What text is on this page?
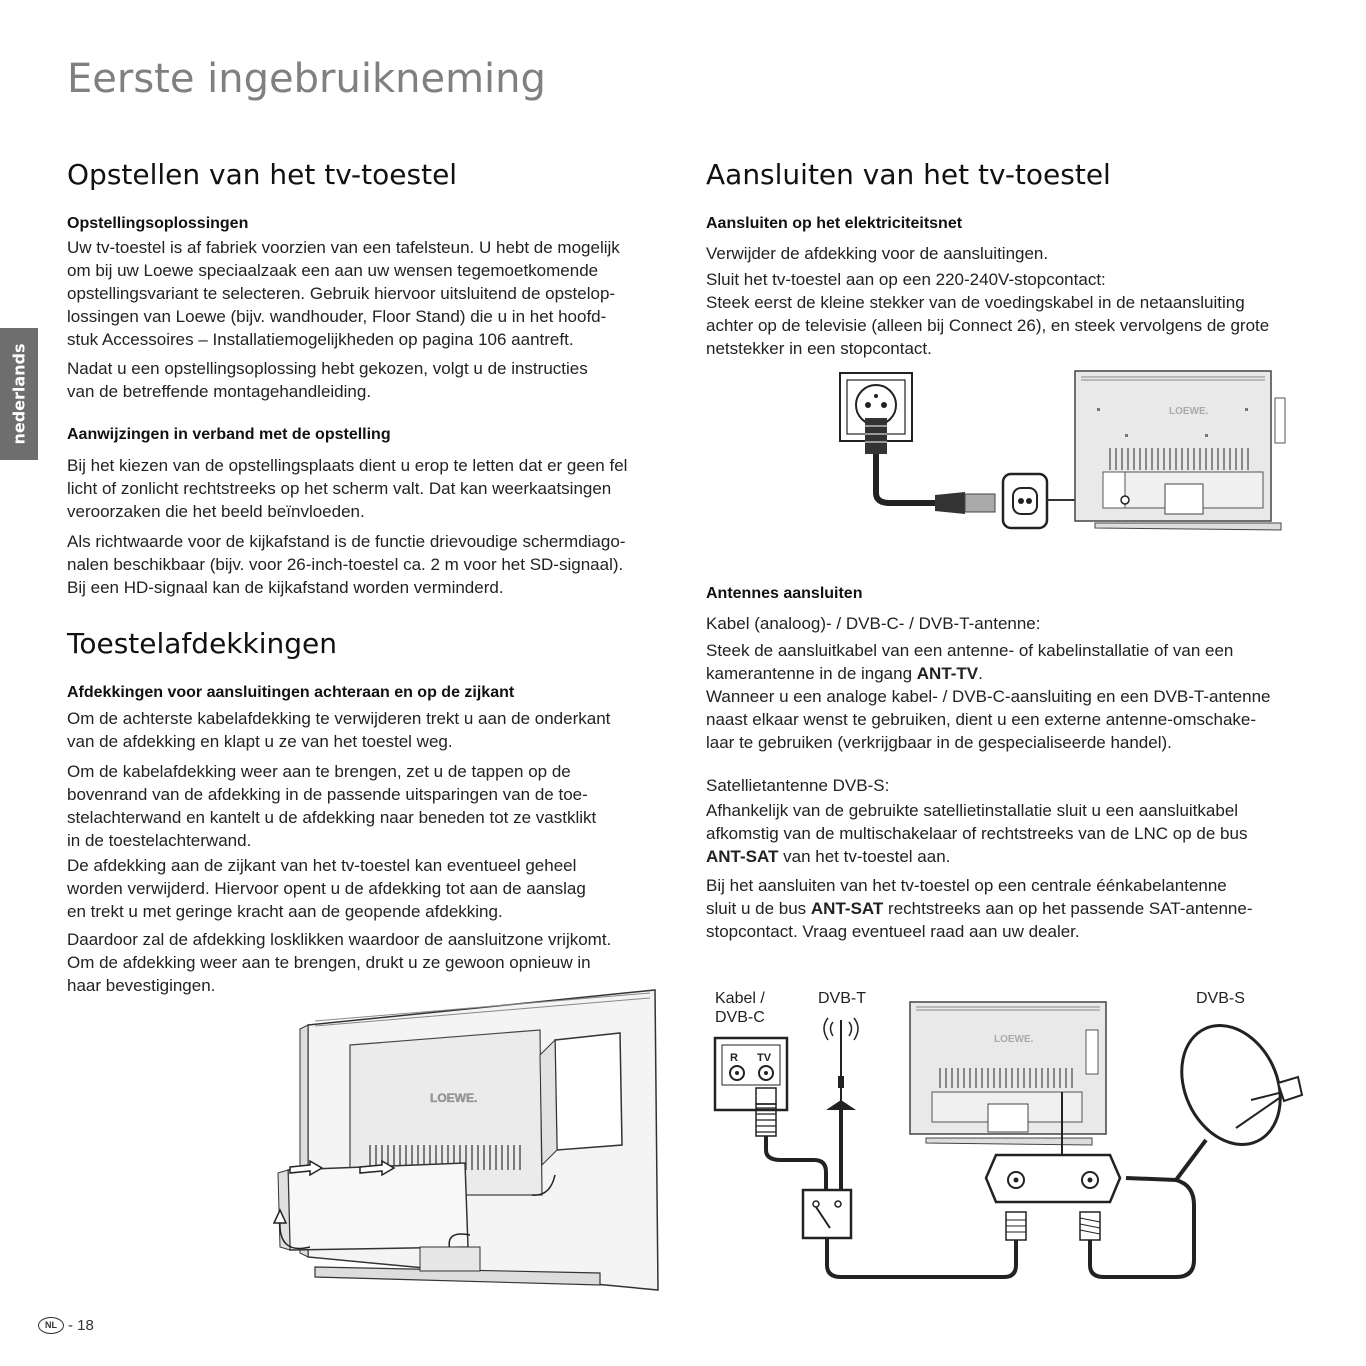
Eerste ingebruikneming
nederlands
Opstellen van het tv-toestel
Opstellingsoplossingen
Uw tv-toestel is af fabriek voorzien van een tafelsteun. U hebt de mogelijk
om bij uw Loewe speciaalzaak een aan uw wensen tegemoetkomende
opstellingsvariant te selecteren. Gebruik hiervoor uitsluitend de opstelop-
lossingen van Loewe (bijv. wandhouder, Floor Stand) die u in het hoofd-
stuk Accessoires – Installatiemogelijkheden op pagina 106 aantreft.
Nadat u een opstellingsoplossing hebt gekozen, volgt u de instructies
van de betreffende montagehandleiding.
Aanwijzingen in verband met de opstelling
Bij het kiezen van de opstellingsplaats dient u erop te letten dat er geen fel
licht of zonlicht rechtstreeks op het scherm valt. Dat kan weerkaatsingen
veroorzaken die het beeld beïnvloeden.
Als richtwaarde voor de kijkafstand is de functie drievoudige schermdiago-
nalen beschikbaar (bijv. voor 26-inch-toestel ca. 2 m voor het SD-signaal).
Bij een HD-signaal kan de kijkafstand worden verminderd.
Toestelafdekkingen
Afdekkingen voor aansluitingen achteraan en op de zijkant
Om de achterste kabelafdekking te verwijderen trekt u aan de onderkant
van de afdekking en klapt u ze van het toestel weg.
Om de kabelafdekking weer aan te brengen, zet u de tappen op de
bovenrand van de afdekking in de passende uitsparingen van de toe-
stelachterwand en kantelt u de afdekking naar beneden tot ze vastklikt
in de toestelachterwand.
De afdekking aan de zijkant van het tv-toestel kan eventueel geheel
worden verwijderd. Hiervoor opent u de afdekking tot aan de aanslag
en trekt u met geringe kracht aan de geopende afdekking.
Daardoor zal de afdekking losklikken waardoor de aansluitzone vrijkomt.
Om de afdekking weer aan te brengen, drukt u ze gewoon opnieuw in
haar bevestigingen.
LOEWE.
Aansluiten van het tv-toestel
Aansluiten op het elektriciteitsnet
Verwijder de afdekking voor de aansluitingen.
Sluit het tv-toestel aan op een 220-240V-stopcontact:
Steek eerst de kleine stekker van de voedingskabel in de netaansluiting
achter op de televisie (alleen bij Connect 26), en steek vervolgens de grote
netstekker in een stopcontact.
LOEWE.
Antennes aansluiten
Kabel (analoog)- / DVB-C- / DVB-T-antenne:
Steek de aansluitkabel van een antenne- of kabelinstallatie of van een
kamerantenne in de ingang ANT-TV.
Wanneer u een analoge kabel- / DVB-C-aansluiting en een DVB-T-antenne
naast elkaar wenst te gebruiken, dient u een externe antenne-omschake-
laar te gebruiken (verkrijgbaar in de gespecialiseerde handel).
Satellietantenne DVB-S:
Afhankelijk van de gebruikte satellietinstallatie sluit u een aansluitkabel
afkomstig van de multischakelaar of rechtstreeks van de LNC op de bus
ANT-SAT van het tv-toestel aan.
Bij het aansluiten van het tv-toestel op een centrale éénkabelantenne
sluit u de bus ANT-SAT rechtstreeks aan op het passende SAT-antenne-
stopcontact. Vraag eventueel raad aan uw dealer.
Kabel /
DVB-C
DVB-T	DVB-S
R TV
LOEWE.
NL - 18
